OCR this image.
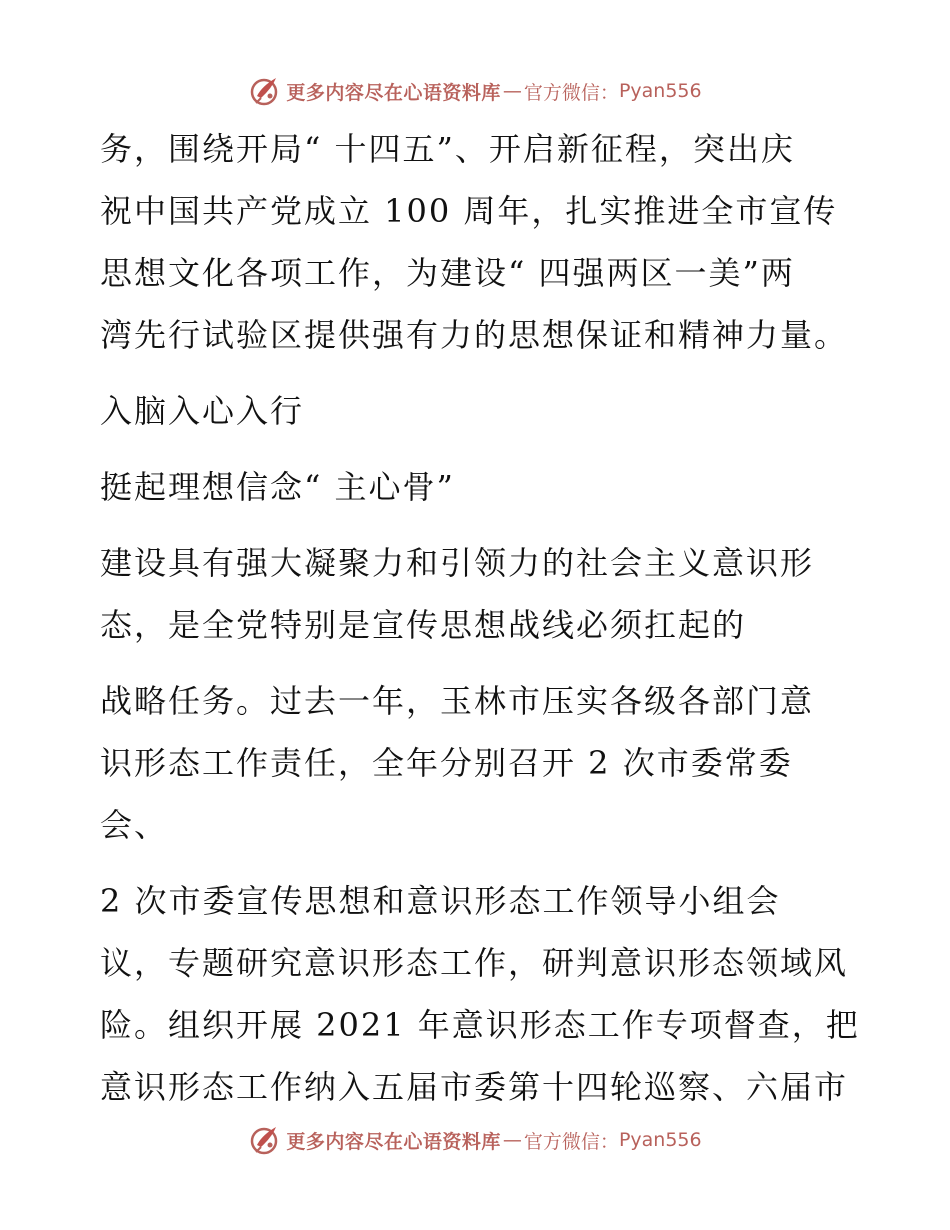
更多内容尽在心语资料库 — 官方微信： Pyan556
务，围绕开局“ 十四五”、开启新征程，突出庆
祝中国共产党成立 100 周年，扎实推进全市宣传
思想文化各项工作，为建设“ 四强两区一美”两
湾先行试验区提供强有力的思想保证和精神力量。
入脑入心入行
挺起理想信念“ 主心骨”
建设具有强大凝聚力和引领力的社会主义意识形
态，是全党特别是宣传思想战线必须扛起的
战略任务。过去一年，玉林市压实各级各部门意
识形态工作责任，全年分别召开 2 次市委常委
会、
2 次市委宣传思想和意识形态工作领导小组会
议，专题研究意识形态工作，研判意识形态领域风
险。组织开展 2021 年意识形态工作专项督查，把
意识形态工作纳入五届市委第十四轮巡察、六届市
更多内容尽在心语资料库 — 官方微信： Pyan556
